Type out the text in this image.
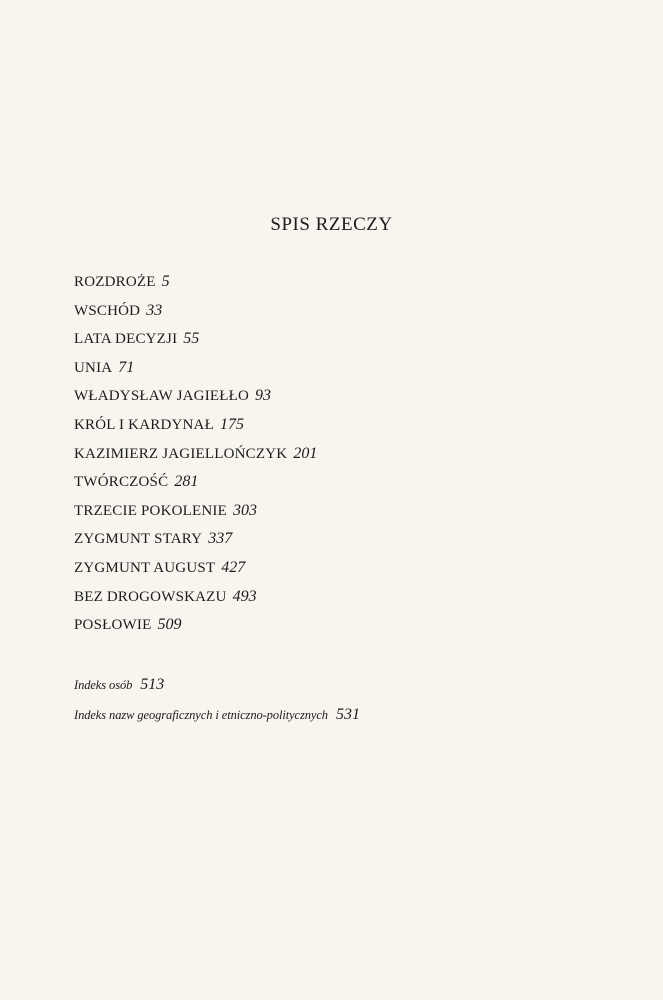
SPIS RZECZY
ROZDROŻE 5
WSCHÓD 33
LATA DECYZJI 55
UNIA 71
WŁADYSŁAW JAGIEŁŁO 93
KRÓL I KARDYNAŁ 175
KAZIMIERZ JAGIELLOŃCZYK 201
TWÓRCZOŚĆ 281
TRZECIE POKOLENIE 303
ZYGMUNT STARY 337
ZYGMUNT AUGUST 427
BEZ DROGOWSKAZU 493
POSŁOWIE 509
Indeks osób 513
Indeks nazw geograficznych i etniczno-politycznych 531
